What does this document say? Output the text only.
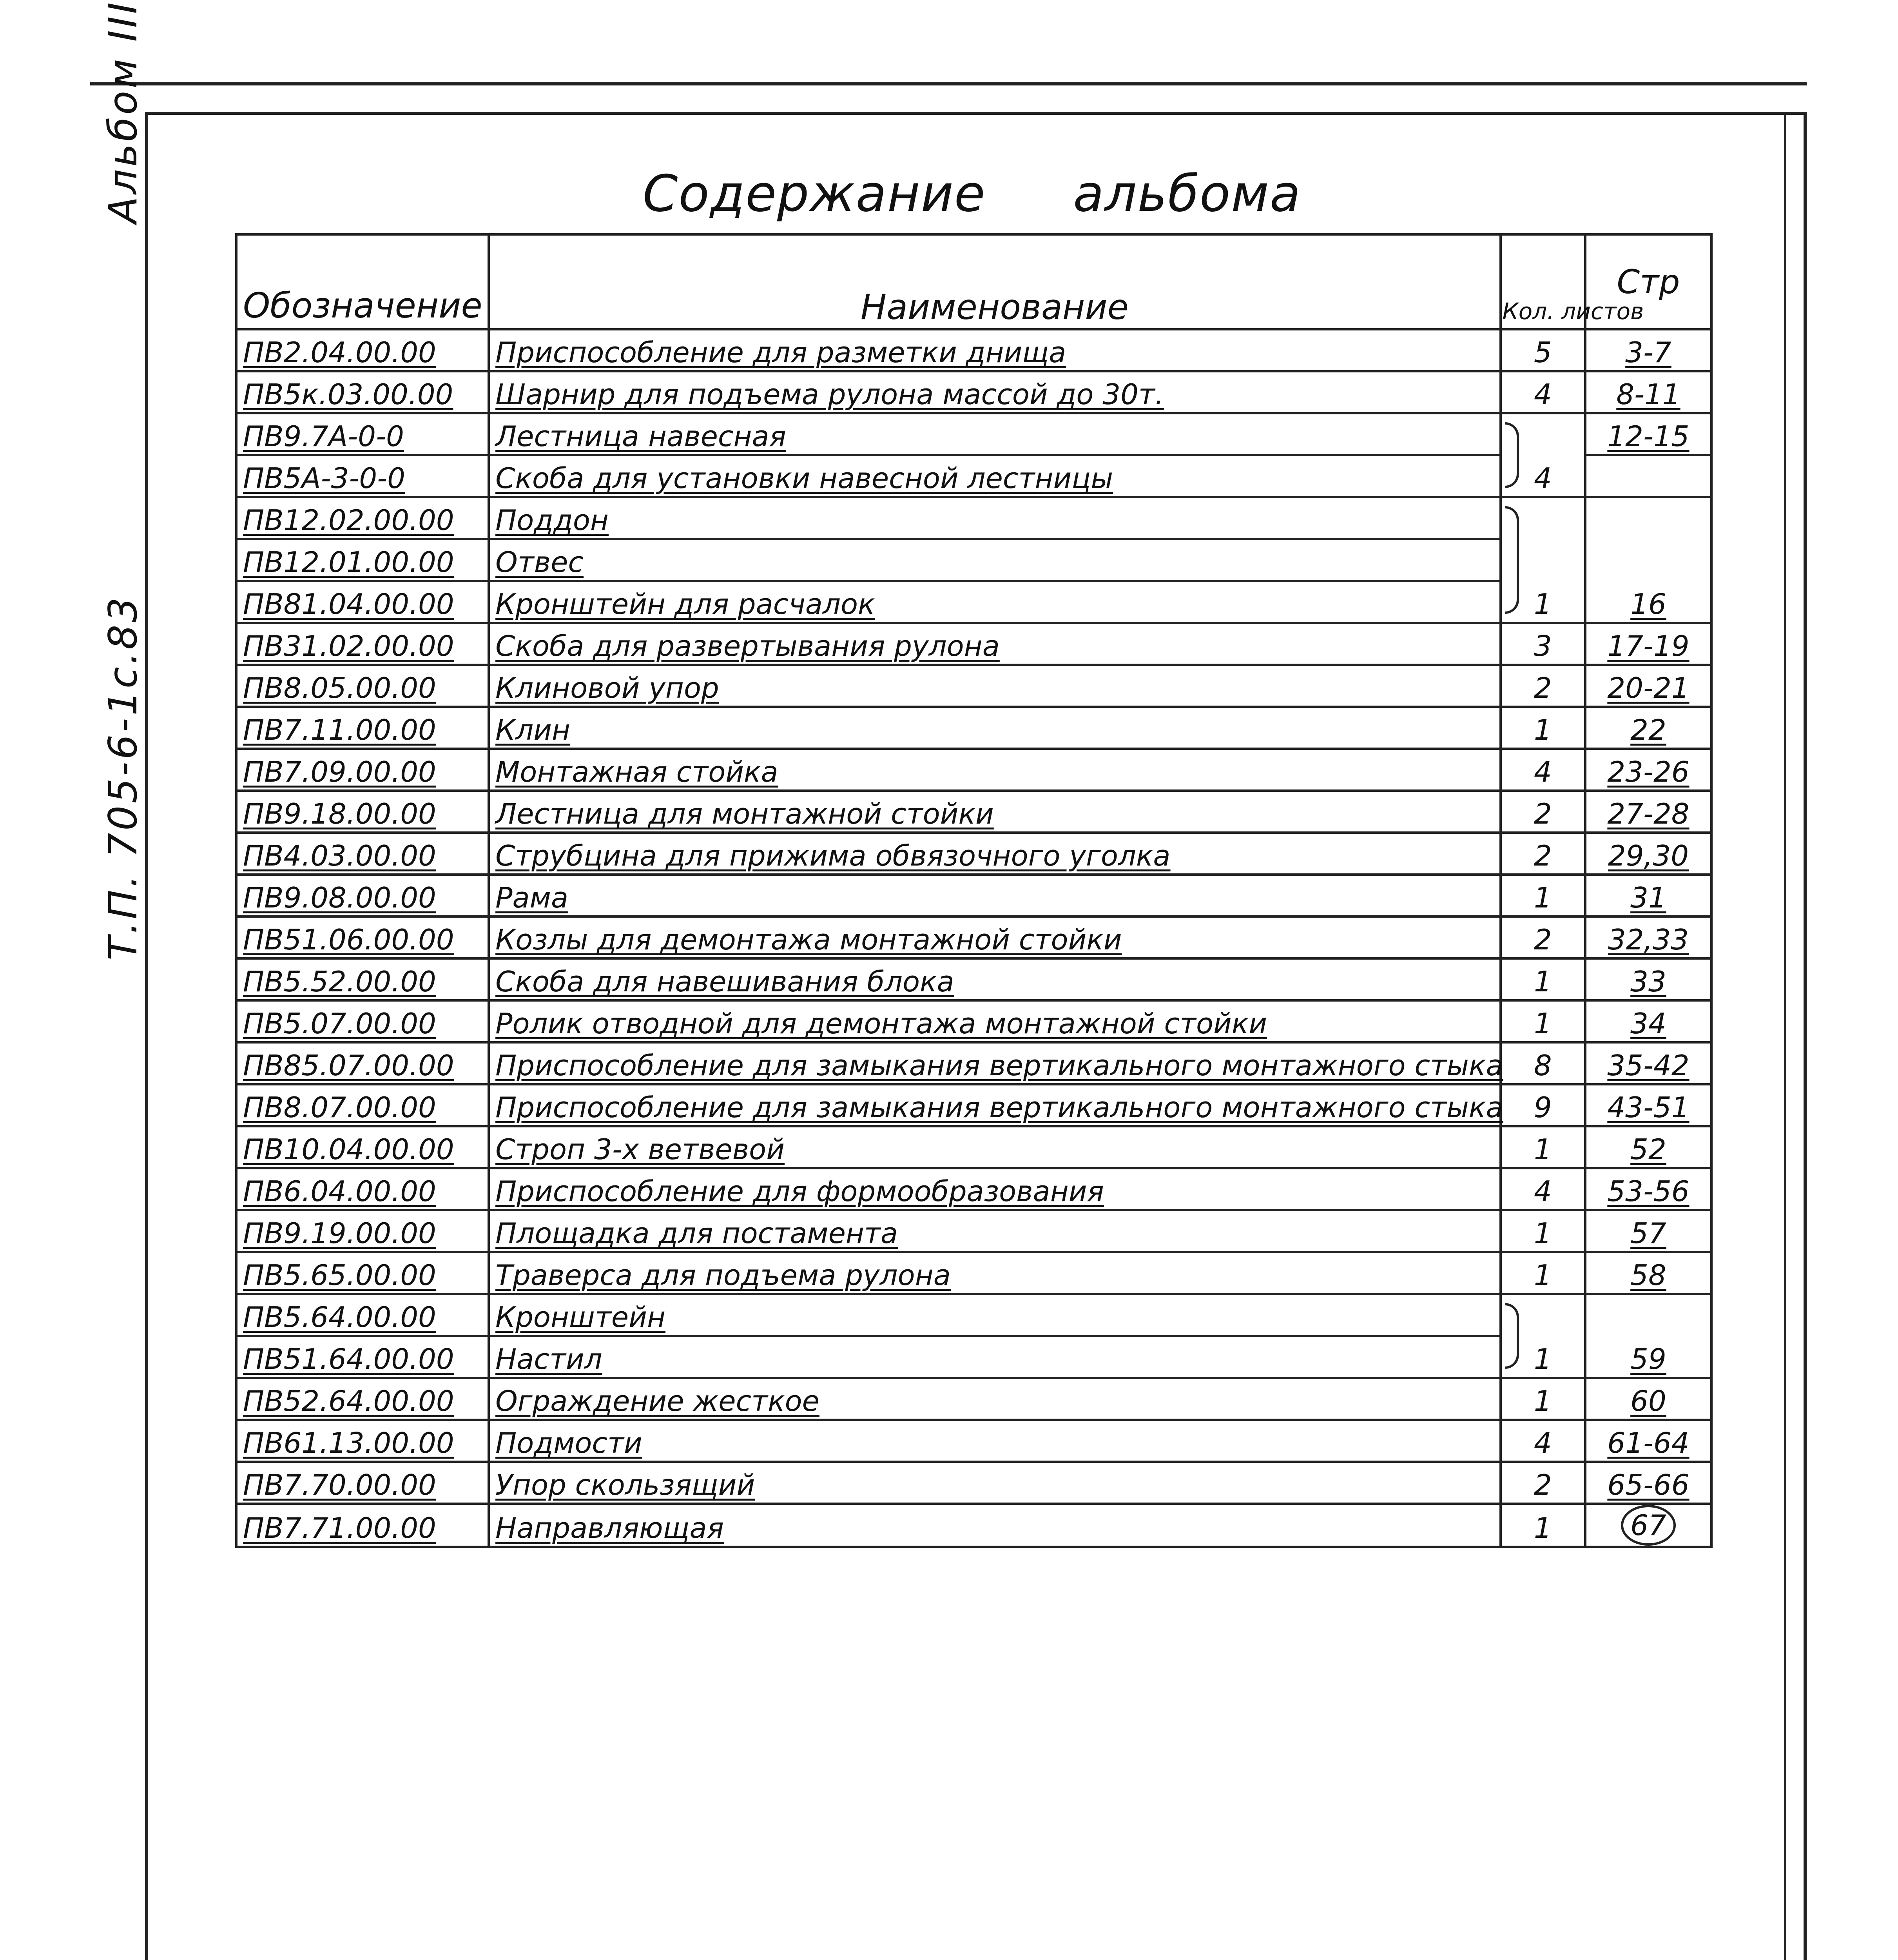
Т.П. 705-6-1с.83
Альбом III	Содержание альбома
Обозначение	Наименование	Кол. листов	Стр
ПВ2.04.00.00	Приспособление для разметки днища	5	3-7
ПВ5к.03.00.00	Шарнир для подъема рулона массой до 30т.	4	8-11
ПВ9.7А-0-0	Лестница навесная	4	12-15
ПВ5А-3-0-0	Скоба для установки навесной лестницы		
ПВ12.02.00.00	Поддон	1	16
ПВ12.01.00.00	Отвес		
ПВ81.04.00.00	Кронштейн для расчалок		
ПВ31.02.00.00	Скоба для развертывания рулона	3	17-19
ПВ8.05.00.00	Клиновой упор	2	20-21
ПВ7.11.00.00	Клин	1	22
ПВ7.09.00.00	Монтажная стойка	4	23-26
ПВ9.18.00.00	Лестница для монтажной стойки	2	27-28
ПВ4.03.00.00	Струбцина для прижима обвязочного уголка	2	29,30
ПВ9.08.00.00	Рама	1	31
ПВ51.06.00.00	Козлы для демонтажа монтажной стойки	2	32,33
ПВ5.52.00.00	Скоба для навешивания блока	1	33
ПВ5.07.00.00	Ролик отводной для демонтажа монтажной стойки	1	34
ПВ85.07.00.00	Приспособление для замыкания вертикального монтажного стыка	8	35-42
ПВ8.07.00.00	Приспособление для замыкания вертикального монтажного стыка	9	43-51
ПВ10.04.00.00	Строп 3-х ветвевой	1	52
ПВ6.04.00.00	Приспособление для формообразования	4	53-56
ПВ9.19.00.00	Площадка для постамента	1	57
ПВ5.65.00.00	Траверса для подъема рулона	1	58
ПВ5.64.00.00	Кронштейн	1	59
ПВ51.64.00.00	Настил		
ПВ52.64.00.00	Ограждение жесткое	1	60
ПВ61.13.00.00	Подмости	4	61-64
ПВ7.70.00.00	Упор скользящий	2	65-66
ПВ7.71.00.00	Направляющая	1	67
